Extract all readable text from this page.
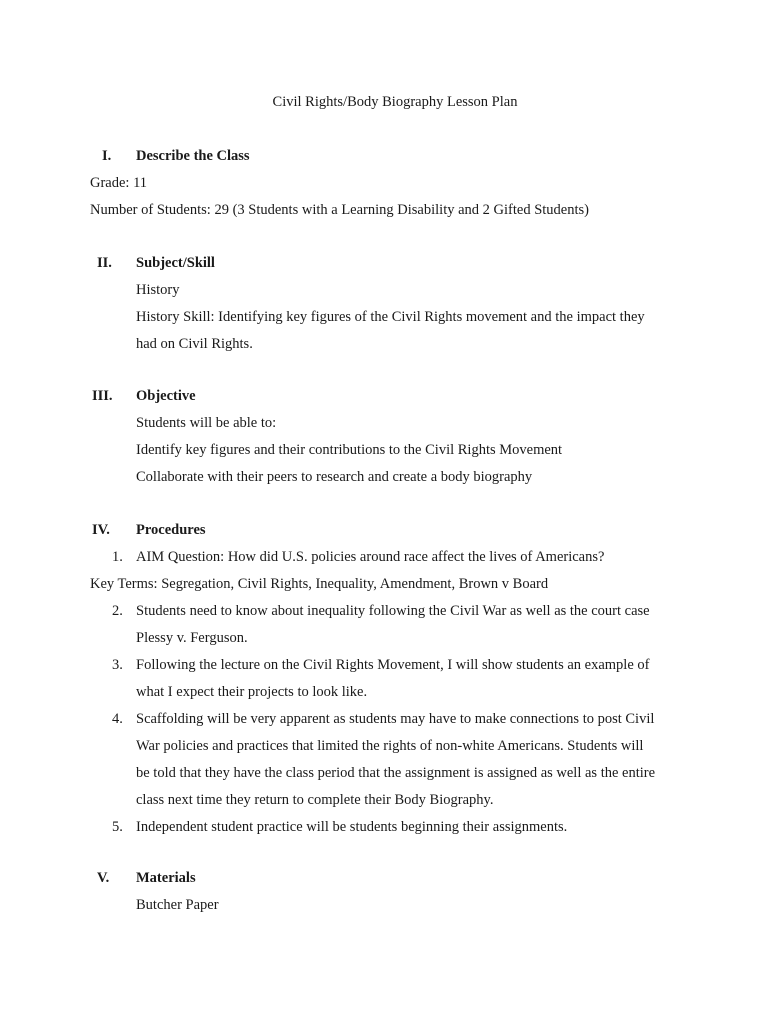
Civil Rights/Body Biography Lesson Plan
I. Describe the Class
Grade: 11
Number of Students: 29 (3 Students with a Learning Disability and 2 Gifted Students)
II. Subject/Skill
History
History Skill: Identifying key figures of the Civil Rights movement and the impact they
had on Civil Rights.
III. Objective
Students will be able to:
Identify key figures and their contributions to the Civil Rights Movement
Collaborate with their peers to research and create a body biography
IV. Procedures
1. AIM Question: How did U.S. policies around race affect the lives of Americans?
Key Terms: Segregation, Civil Rights, Inequality, Amendment, Brown v Board
2. Students need to know about inequality following the Civil War as well as the court case
Plessy v. Ferguson.
3. Following the lecture on the Civil Rights Movement, I will show students an example of
what I expect their projects to look like.
4. Scaffolding will be very apparent as students may have to make connections to post Civil
War policies and practices that limited the rights of non-white Americans. Students will
be told that they have the class period that the assignment is assigned as well as the entire
class next time they return to complete their Body Biography.
5. Independent student practice will be students beginning their assignments.
V. Materials
Butcher Paper
